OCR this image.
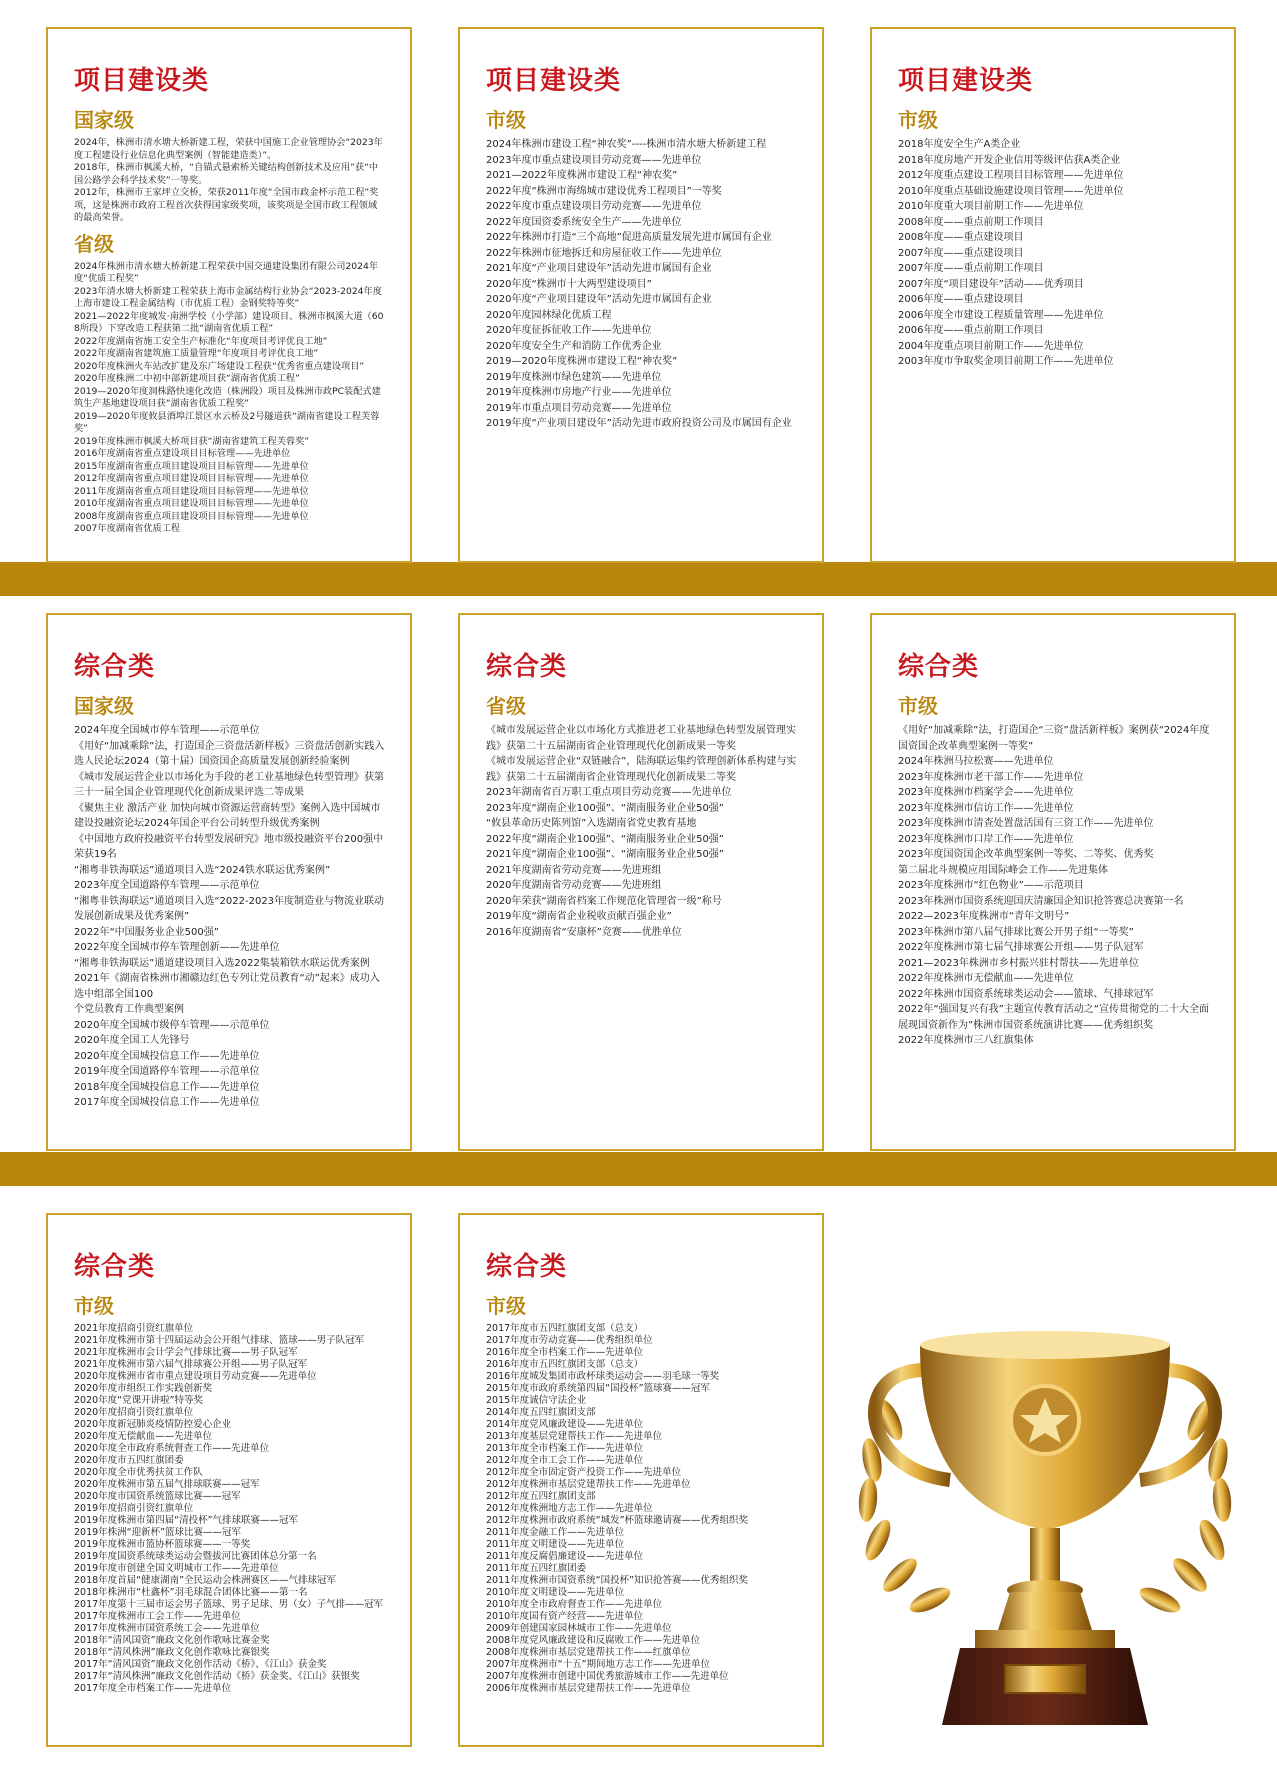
项目建设类
国家级
2024年，株洲市清水塘大桥新建工程，荣获中国施工企业管理协会“2023年度工程建设行业信息化典型案例（智能建造类）”。
2018年，株洲市枫溪大桥，“自锚式悬索桥关键结构创新技术及应用”获“中国公路学会科学技术奖”一等奖。
2012年，株洲市王家坪立交桥，荣获2011年度“全国市政金杯示范工程”奖项，这是株洲市政府工程首次获得国家级奖项，该奖项是全国市政工程领域的最高荣誉。
省级
2024年株洲市清水塘大桥新建工程荣获中国交通建设集团有限公司2024年度“优质工程奖”
2023年清水塘大桥新建工程荣获上海市金属结构行业协会“2023-2024年度上海市建设工程金属结构（市优质工程）金钢奖特等奖”
2021—2022年度城发·南洲学校（小学部）建设项目、株洲市枫溪大道（608所段）下穿改造工程获第二批“湖南省优质工程”
2022年度湖南省施工安全生产标准化“年度项目考评优良工地”
2022年度湖南省建筑施工质量管理“年度项目考评优良工地”
2020年度株洲火车站改扩建及东广场建设工程获“优秀省重点建设项目”
2020年度株洲二中初中部新建项目获“湖南省优质工程”
2019—2020年度洞株路快速化改造（株洲段）项目及株洲市政PC装配式建筑生产基地建设项目获“湖南省优质工程奖”
2019—2020年度攸县酒埠江景区水云桥及2号隧道获“湖南省建设工程芙蓉奖”
2019年度株洲市枫溪大桥项目获“湖南省建筑工程芙蓉奖”
2016年度湖南省重点建设项目目标管理——先进单位
2015年度湖南省重点项目建设项目目标管理——先进单位
2012年度湖南省重点项目建设项目目标管理——先进单位
2011年度湖南省重点项目建设项目目标管理——先进单位
2010年度湖南省重点项目建设项目目标管理——先进单位
2008年度湖南省重点项目建设项目目标管理——先进单位
2007年度湖南省优质工程
项目建设类
市级
2024年株洲市建设工程“神农奖”----株洲市清水塘大桥新建工程
2023年度市重点建设项目劳动竞赛——先进单位
2021—2022年度株洲市建设工程“神农奖”
2022年度“株洲市海绵城市建设优秀工程项目”一等奖
2022年度市重点建设项目劳动竞赛——先进单位
2022年度国资委系统安全生产——先进单位
2022年株洲市打造“三个高地”促进高质量发展先进市属国有企业
2022年株洲市征地拆迁和房屋征收工作——先进单位
2021年度“产业项目建设年”活动先进市属国有企业
2020年度“株洲市十大两型建设项目”
2020年度“产业项目建设年”活动先进市属国有企业
2020年度园林绿化优质工程
2020年度征拆征收工作——先进单位
2020年度安全生产和消防工作优秀企业
2019—2020年度株洲市建设工程“神农奖”
2019年度株洲市绿色建筑——先进单位
2019年度株洲市房地产行业——先进单位
2019年市重点项目劳动竞赛——先进单位
2019年度“产业项目建设年”活动先进市政府投资公司及市属国有企业
项目建设类
市级
2018年度安全生产A类企业
2018年度房地产开发企业信用等级评估获A类企业
2012年度重点建设工程项目目标管理——先进单位
2010年度重点基础设施建设项目管理——先进单位
2010年度重大项目前期工作——先进单位
2008年度——重点前期工作项目
2008年度——重点建设项目
2007年度——重点建设项目
2007年度——重点前期工作项目
2007年度“项目建设年”活动——优秀项目
2006年度——重点建设项目
2006年度全市建设工程质量管理——先进单位
2006年度——重点前期工作项目
2004年度重点项目前期工作——先进单位
2003年度市争取奖金项目前期工作——先进单位
综合类
国家级
2024年度全国城市停车管理——示范单位
《用好“加减乘除”法，打造国企三资盘活新样板》三资盘活创新实践入选人民论坛2024（第十届）国资国企高质量发展创新经验案例
《城市发展运营企业以市场化为手段的老工业基地绿色转型管理》获第三十一届全国企业管理现代化创新成果评选二等成果
《聚焦主业 激活产业 加快向城市资源运营商转型》案例入选中国城市建设投融资论坛2024年国企平台公司转型升级优秀案例
《中国地方政府投融资平台转型发展研究》地市级投融资平台200强中荣获19名
“湘粤非铁海联运”通道项目入选“2024铁水联运优秀案例”
2023年度全国道路停车管理——示范单位
“湘粤非铁海联运”通道项目入选“2022-2023年度制造业与物流业联动发展创新成果及优秀案例”
2022年“中国服务业企业500强”
2022年度全国城市停车管理创新——先进单位
“湘粤非铁海联运”通道建设项目入选2022集装箱铁水联运优秀案例
2021年《湖南省株洲市湘赣边红色专列让党员教育“动”起来》成功入选中组部全国100
个党员教育工作典型案例
2020年度全国城市级停车管理——示范单位
2020年度全国工人先锋号
2020年度全国城投信息工作——先进单位
2019年度全国道路停车管理——示范单位
2018年度全国城投信息工作——先进单位
2017年度全国城投信息工作——先进单位
综合类
省级
《城市发展运营企业以市场化方式推进老工业基地绿色转型发展管理实践》获第二十五届湖南省企业管理现代化创新成果一等奖
《城市发展运营企业“双链融合”，陆海联运集约管理创新体系构建与实践》获第二十五届湖南省企业管理现代化创新成果二等奖
2023年湖南省百万职工重点项目劳动竞赛——先进单位
2023年度“湖南企业100强”、“湖南服务业企业50强”
“攸县革命历史陈列馆”入选湖南省党史教育基地
2022年度“湖南企业100强”、“湖南服务业企业50强”
2021年度“湖南企业100强”、“湖南服务业企业50强”
2021年度湖南省劳动竞赛——先进班组
2020年度湖南省劳动竞赛——先进班组
2020年荣获“湖南省档案工作规范化管理省一级”称号
2019年度“湖南省企业税收贡献百强企业”
2016年度湖南省“安康杯”竞赛——优胜单位
综合类
市级
《用好“加减乘除”法，打造国企“三资”盘活新样板》案例获“2024年度国资国企改革典型案例一等奖”
2024年株洲马拉松赛——先进单位
2023年度株洲市老干部工作——先进单位
2023年度株洲市档案学会——先进单位
2023年度株洲市信访工作——先进单位
2023年度株洲市清查处置盘活国有三资工作——先进单位
2023年度株洲市口岸工作——先进单位
2023年度国资国企改革典型案例一等奖、二等奖、优秀奖
第二届北斗规模应用国际峰会工作——先进集体
2023年度株洲市“红色物业”——示范项目
2023年株洲市国资系统迎国庆清廉国企知识抢答赛总决赛第一名
2022—2023年度株洲市“青年文明号”
2023年株洲市第八届气排球比赛公开男子组“一等奖”
2022年度株洲市第七届气排球赛公开组——男子队冠军
2021—2023年株洲市乡村振兴驻村帮扶——先进单位
2022年度株洲市无偿献血——先进单位
2022年株洲市国资系统球类运动会——篮球、气排球冠军
2022年“强国复兴有我”主题宣传教育活动之“宣传贯彻党的二十大全面展现国资新作为”株洲市国资系统演讲比赛——优秀组织奖
2022年度株洲市三八红旗集体
综合类
市级
2021年度招商引资红旗单位
2021年度株洲市第十四届运动会公开组气排球、篮球——男子队冠军
2021年度株洲市会计学会气排球比赛——男子队冠军
2021年度株洲市第六届气排球赛公开组——男子队冠军
2020年度株洲市省市重点建设项目劳动竞赛——先进单位
2020年度市组织工作实践创新奖
2020年度“党课开讲啦”特等奖
2020年度招商引资红旗单位
2020年度新冠肺炎疫情防控爱心企业
2020年度无偿献血——先进单位
2020年度全市政府系统督查工作——先进单位
2020年度市五四红旗团委
2020年度全市优秀扶贫工作队
2020年度株洲市第五届气排球联赛——冠军
2020年度市国资系统篮球比赛——冠军
2019年度招商引资红旗单位
2019年度株洲市第四届“清投杯”气排球联赛——冠军
2019年株洲“迎新杯”篮球比赛——冠军
2019年度株洲市篮协杯篮球赛——一等奖
2019年度国资系统球类运动会暨拔河比赛团体总分第一名
2019年度市创建全国文明城市工作——先进单位
2018年度首届“健康湖南”全民运动会株洲赛区——气排球冠军
2018年株洲市“杜鑫杯”羽毛球混合团体比赛——第一名
2017年度第十三届市运会男子篮球、男子足球、男（女）子气排——冠军
2017年度株洲市工会工作——先进单位
2017年度株洲市国资系统工会——先进单位
2018年“清风国资”廉政文化创作歌咏比赛金奖
2018年“清风株洲”廉政文化创作歌咏比赛银奖
2017年“清风国资”廉政文化创作活动《桥》、《江山》获金奖
2017年“清风株洲”廉政文化创作活动《桥》获金奖、《江山》获银奖
2017年度全市档案工作——先进单位
综合类
市级
2017年度市五四红旗团支部（总支）
2017年度市劳动竞赛——优秀组织单位
2016年度全市档案工作——先进单位
2016年度市五四红旗团支部（总支）
2016年度城发集团市政杯球类运动会——羽毛球一等奖
2015年度市政府系统第四届“国投杯”篮球赛——冠军
2015年度诚信守法企业
2014年度五四红旗团支部
2014年度党风廉政建设——先进单位
2013年度基层党建帮扶工作——先进单位
2013年度全市档案工作——先进单位
2012年度全市工会工作——先进单位
2012年度全市固定资产投资工作——先进单位
2012年度株洲市基层党建帮扶工作——先进单位
2012年度五四红旗团支部
2012年度株洲地方志工作——先进单位
2012年度株洲市政府系统“城发”杯篮球邀请赛——优秀组织奖
2011年度金融工作——先进单位
2011年度文明建设——先进单位
2011年度反腐倡廉建设——先进单位
2011年度五四红旗团委
2011年度株洲市国资系统“国投杯”知识抢答赛——优秀组织奖
2010年度文明建设——先进单位
2010年度全市政府督查工作——先进单位
2010年度国有资产经营——先进单位
2009年创建国家园林城市工作——先进单位
2008年度党风廉政建设和反腐败工作——先进单位
2008年度株洲市基层党建帮扶工作——红旗单位
2007年度株洲市“十五”期间地方志工作——先进单位
2007年度株洲市创建中国优秀旅游城市工作——先进单位
2006年度株洲市基层党建帮扶工作——先进单位
